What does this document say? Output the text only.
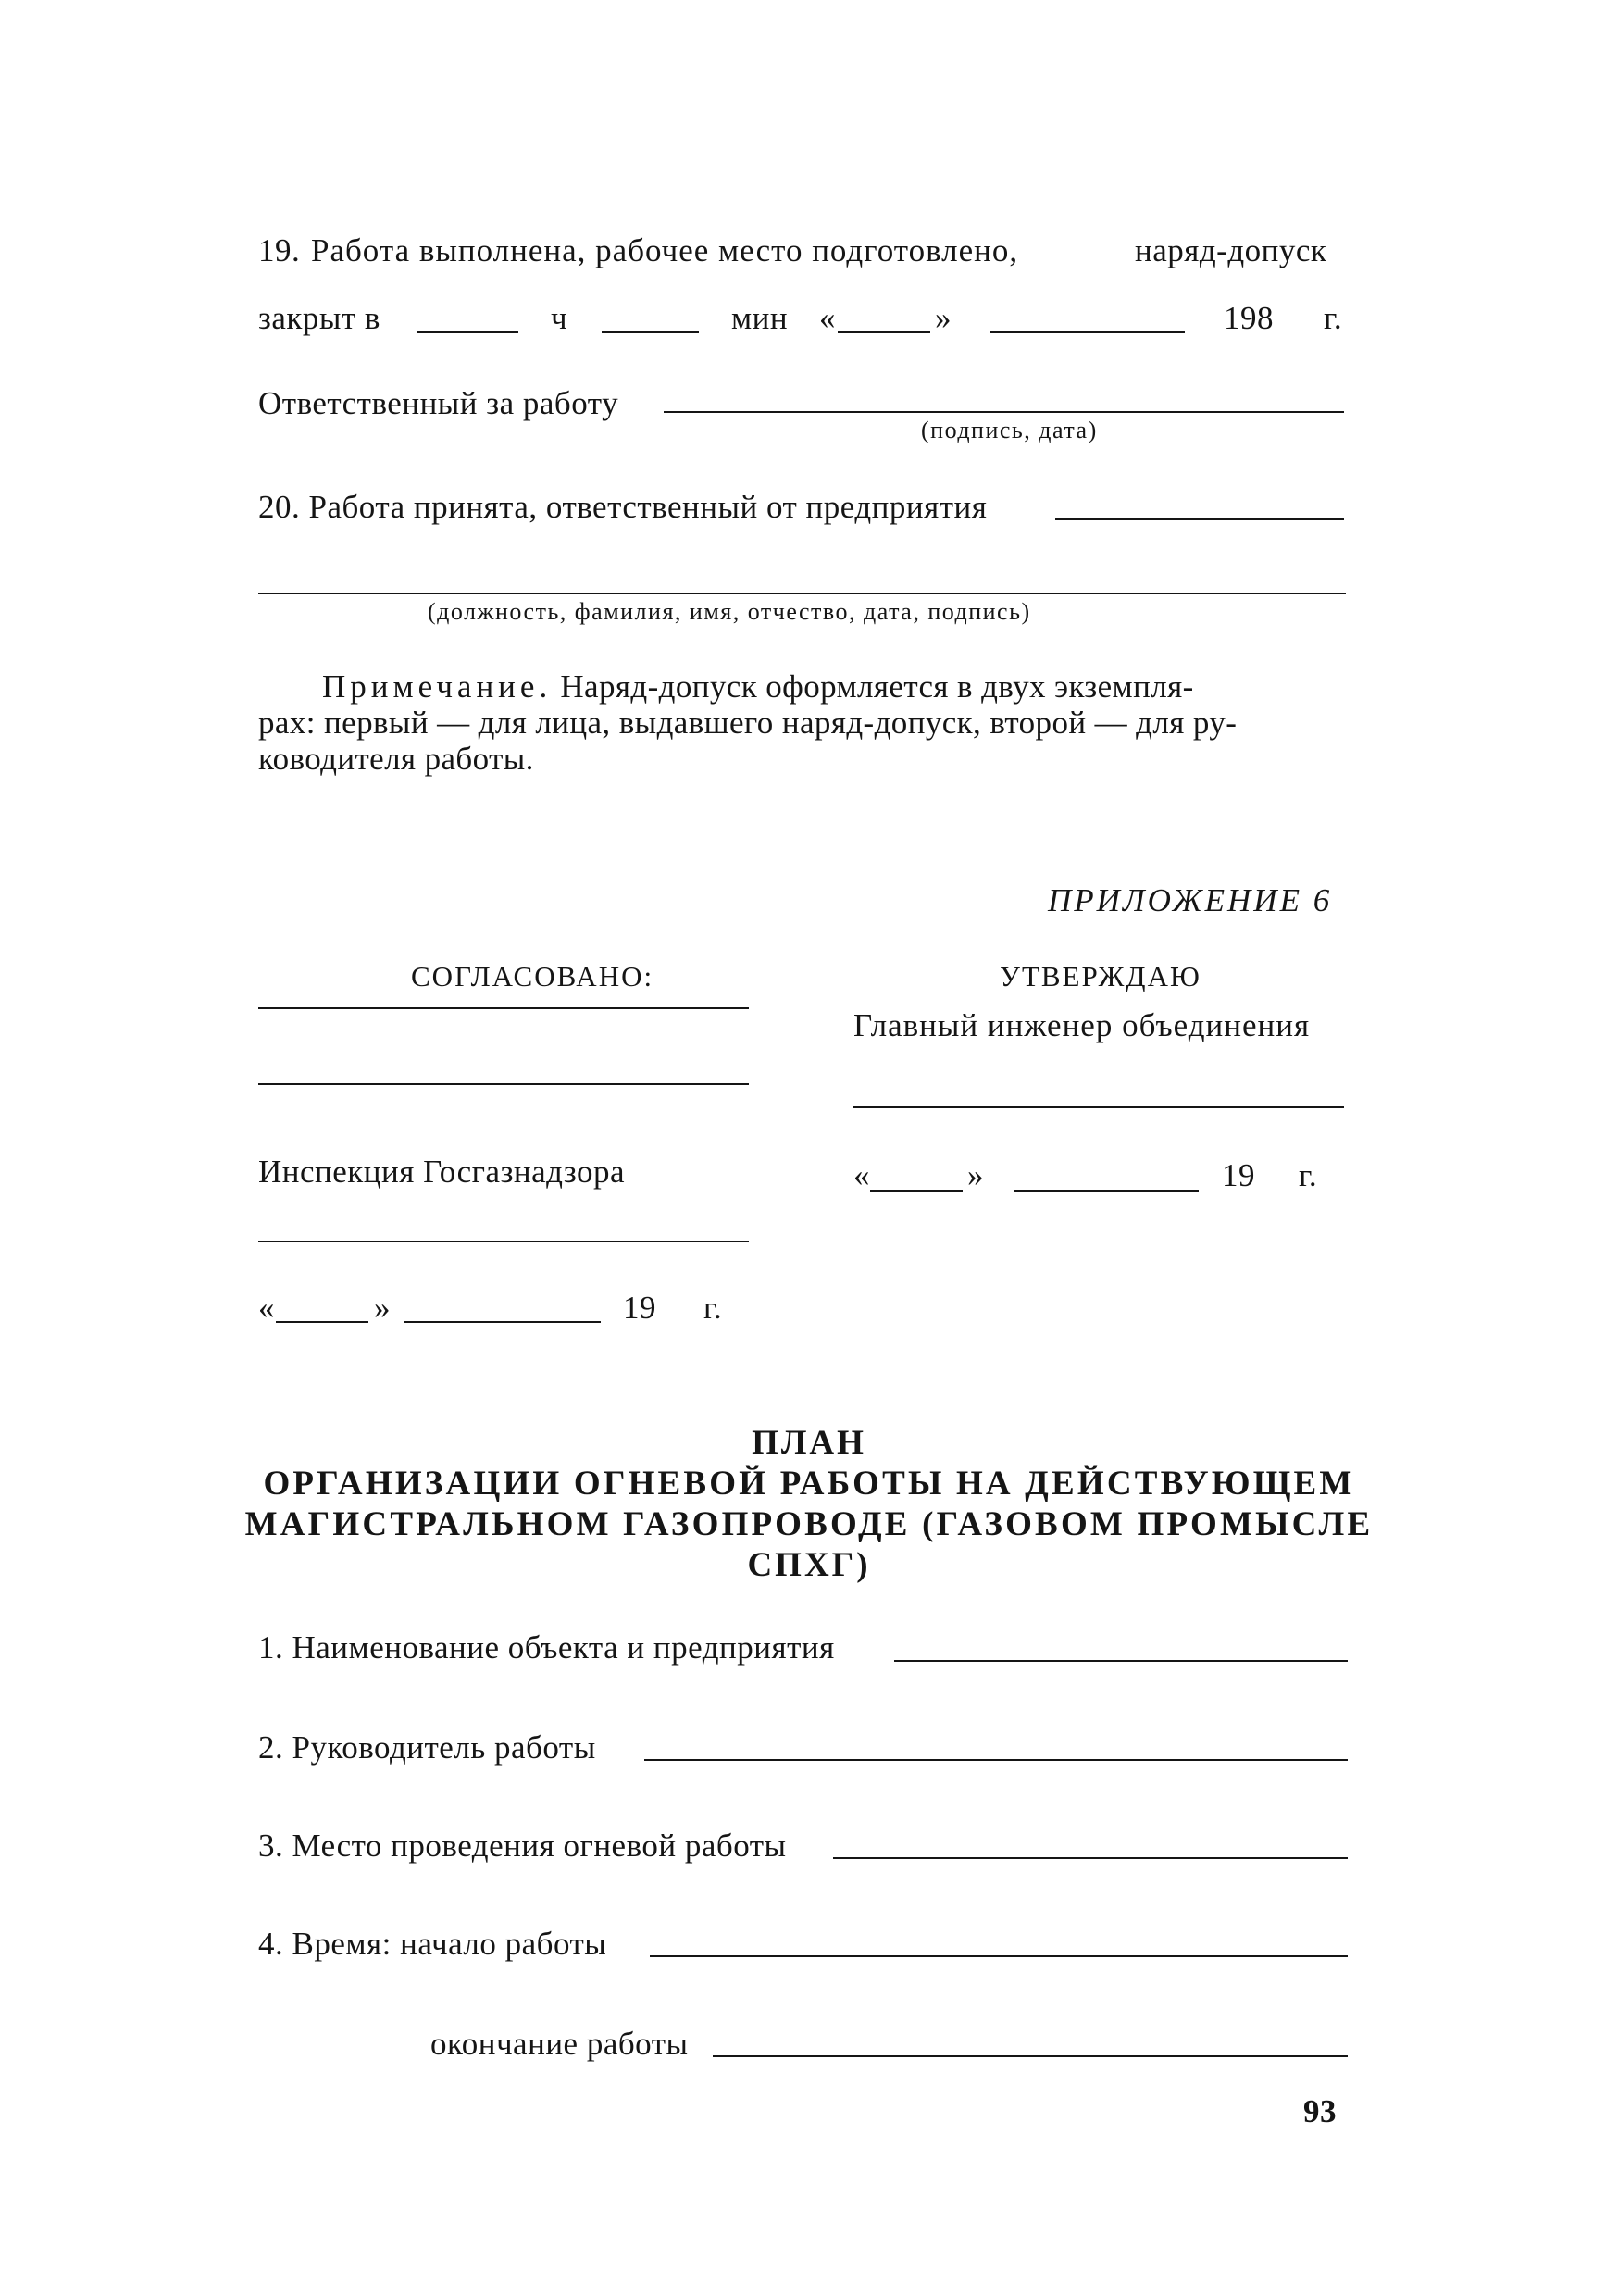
19. Работа выполнена, рабочее место подготовлено,	наряд-допуск
закрыт в	ч	мин «	»	198 г.
Ответственный за работу
(подпись, дата)
20. Работа принята, ответственный от предприятия
(должность, фамилия, имя, отчество, дата, подпись)
Примечание. Наряд-допуск оформляется в двух экземпля-
рах: первый — для лица, выдавшего наряд-допуск, второй — для ру-
ководителя работы.
ПРИЛОЖЕНИЕ 6
СОГЛАСОВАНО:
Инспекция Госгазнадзора
«	»	19 г.
УТВЕРЖДАЮ
Главный инженер объединения
«	»	19 г.
ПЛАН
ОРГАНИЗАЦИИ ОГНЕВОЙ РАБОТЫ НА ДЕЙСТВУЮЩЕМ
МАГИСТРАЛЬНОМ ГАЗОПРОВОДЕ (ГАЗОВОМ ПРОМЫСЛЕ
СПХГ)
1. Наименование объекта и предприятия
2. Руководитель работы
3. Место проведения огневой работы
4. Время: начало работы
окончание работы
93
